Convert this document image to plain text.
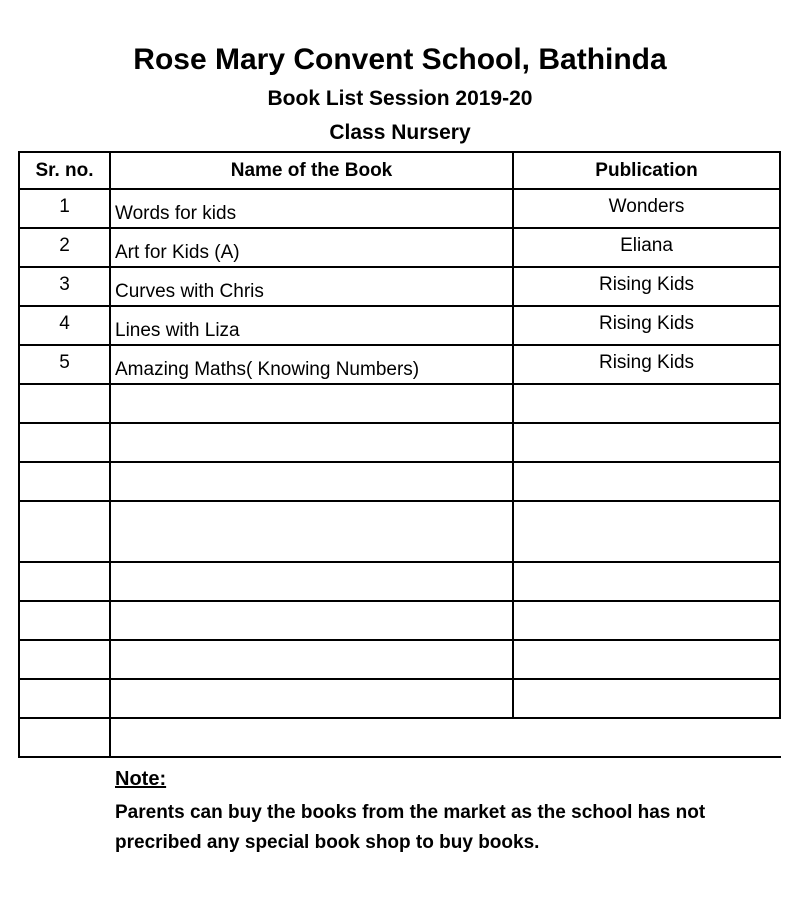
Rose Mary Convent School, Bathinda
Book List Session 2019-20
Class Nursery
Sr. no.	Name of the Book	Publication
1	Words for kids	Wonders
2	Art for Kids (A)	Eliana
3	Curves with Chris	Rising Kids
4	Lines with Liza	Rising Kids
5	Amazing Maths( Knowing Numbers)	Rising Kids
Note:
Parents can buy the books from the market as the school has not
precribed any special book shop to buy books.
